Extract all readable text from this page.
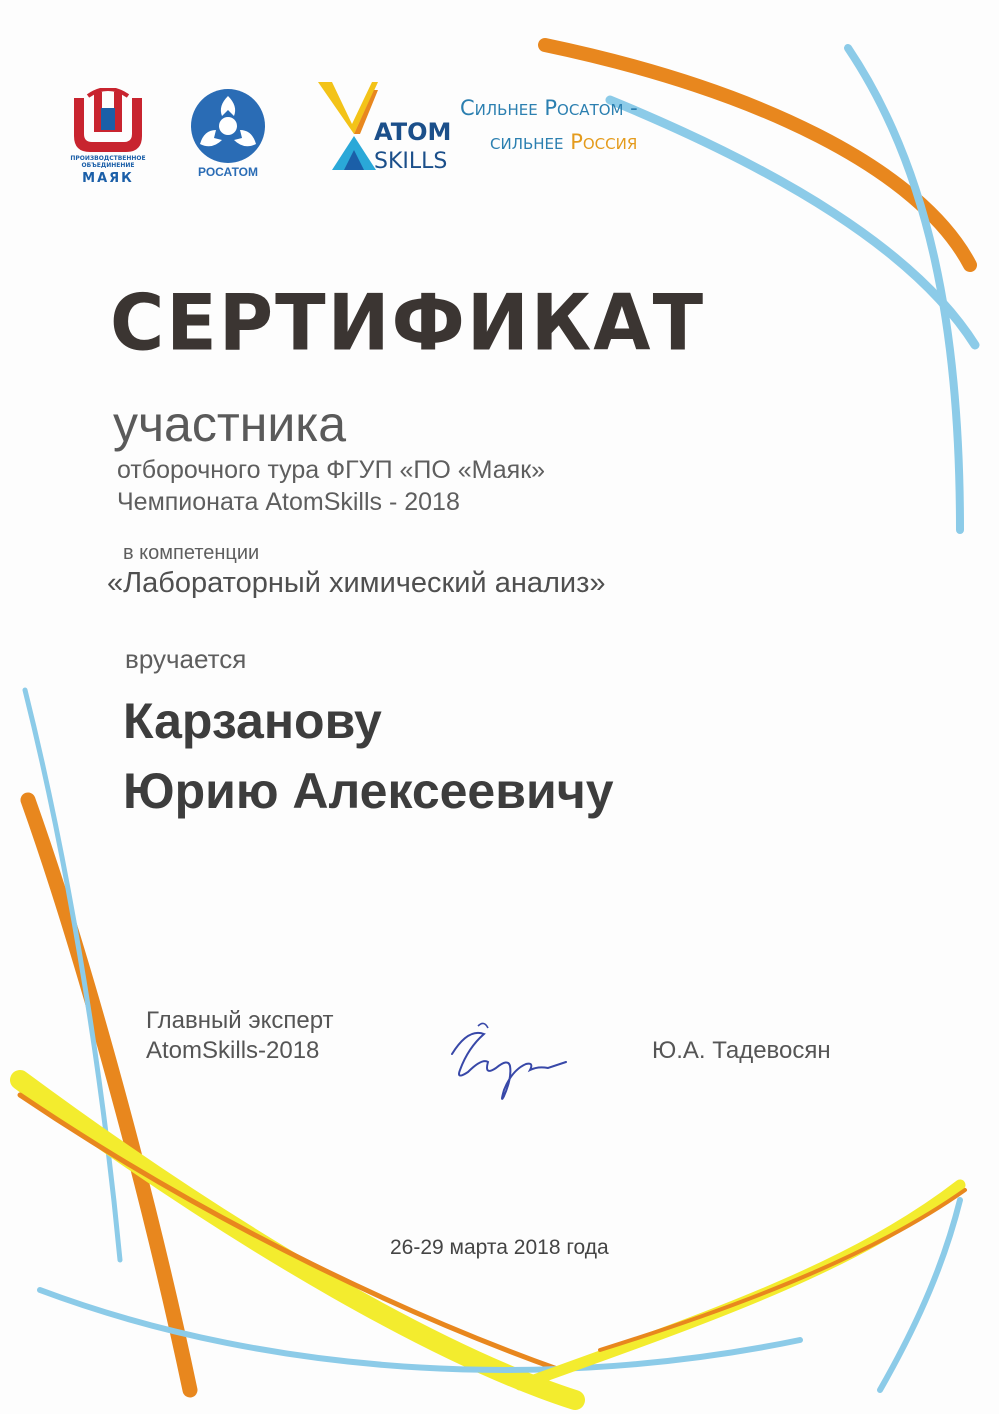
ПРОИЗВОДСТВЕННОЕ
ОБЪЕДИНЕНИЕ
МАЯК	РОСАТОМ
ATOM
SKILLS
Сильнее Росатом -
сильнее Россия
СЕРТИФИКАТ
участника
отборочного тура ФГУП «ПО «Маяк»
Чемпионата AtomSkills - 2018
в компетенции
«Лабораторный химический анализ»
вручается
Карзанову
Юрию Алексеевичу
Главный эксперт
AtomSkills-2018	Ю.А. Тадевосян
26-29 марта 2018 года
